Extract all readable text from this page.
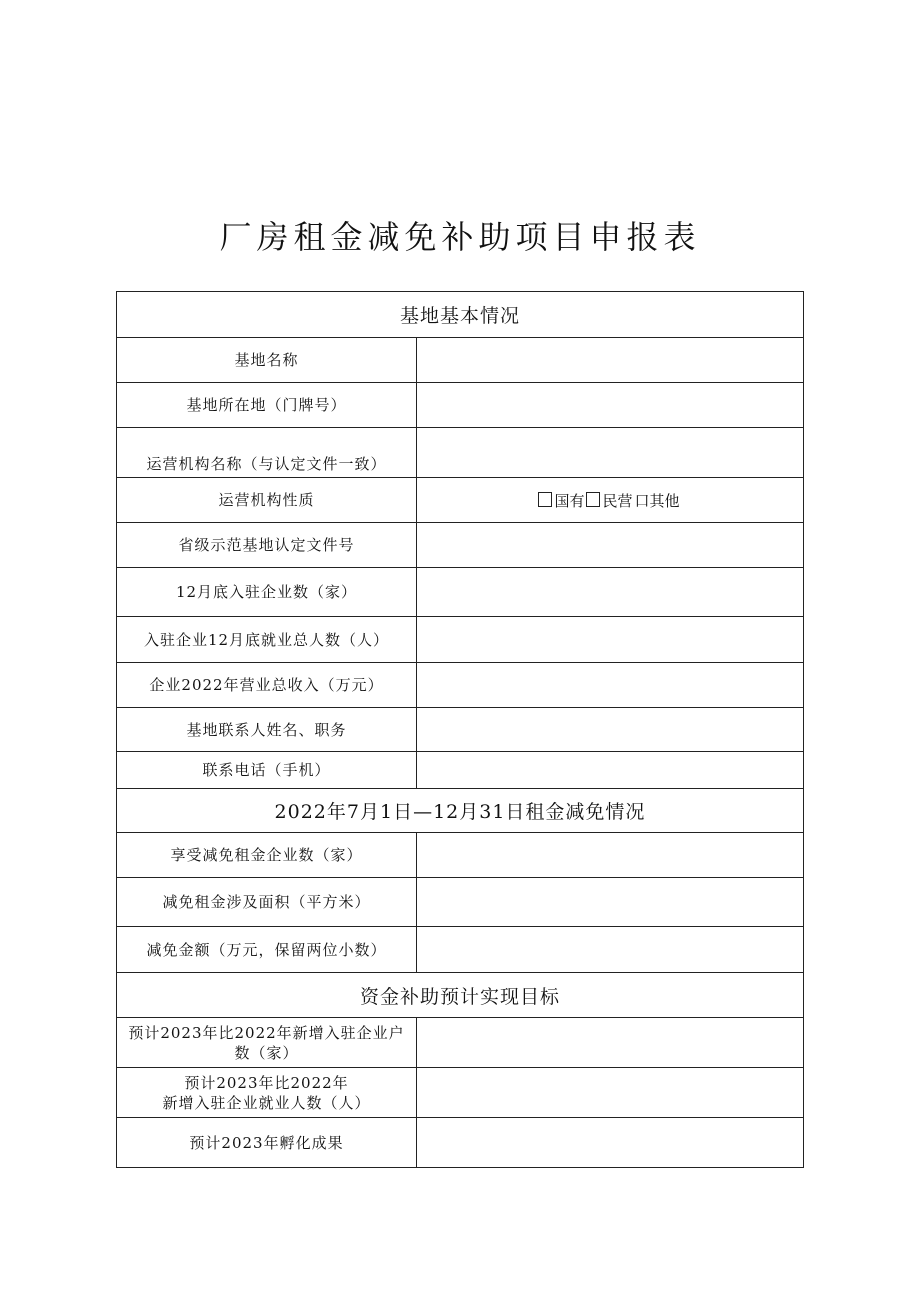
厂房租金减免补助项目申报表
基地基本情况	
基地名称	
基地所在地（门牌号）	
运营机构名称（与认定文件一致）	
运营机构性质	国有 民营 口其他
省级示范基地认定文件号	
12月底入驻企业数（家）	
入驻企业12月底就业总人数（人）	
企业2022年营业总收入（万元）	
基地联系人姓名、职务	
联系电话（手机）	
2022年7月1日—12月31日租金减免情况	
享受减免租金企业数（家）	
减免租金涉及面积（平方米）	
减免金额（万元，保留两位小数）	
资金补助预计实现目标	
预计2023年比2022年新增入驻企业户数（家）	

预计2023年比2022年
新增入驻企业就业人数（人）	

预计2023年孵化成果	
